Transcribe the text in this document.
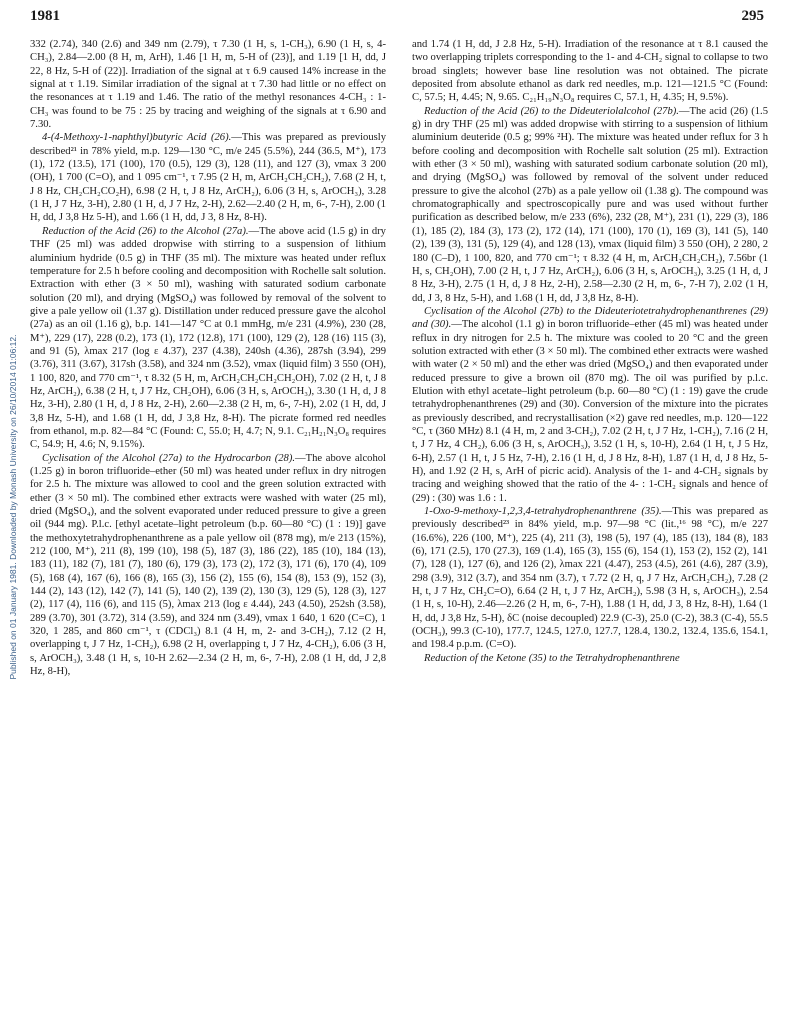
1981	295
Published on 01 January 1981. Downloaded by Monash University on 26/10/2014 01:06:12.

332 (2.74), 340 (2.6) and 349 nm (2.79), τ 7.30 (1 H, s, 1-CH₃), 6.90 (1 H, s, 4-CH₃), 2.84—2.00 (8 H, m, ArH), 1.46 [1 H, m, 5-H of (23)], and 1.19 [1 H, dd, J 22, 8 Hz, 5-H of (22)]. Irradiation of the signal at τ 6.9 caused 14% increase in the signal at τ 1.19. Similar irradiation of the signal at τ 7.30 had little or no effect on the resonances at τ 1.19 and 1.46. The ratio of the methyl resonances 4-CH₃ : 1-CH₃ was found to be 75 : 25 by tracing and weighing of the signals at τ 6.90 and 7.30.

4-(4-Methoxy-1-naphthyl)butyric Acid (26).—This was prepared as previously described²¹ in 78% yield, m.p. 129—130 °C, m/e 245 (5.5%), 244 (36.5, M⁺), 173 (1), 172 (13.5), 171 (100), 170 (0.5), 129 (3), 128 (11), and 127 (3), νmax 3 200 (OH), 1 700 (C=O), and 1 095 cm⁻¹, τ 7.95 (2 H, m, ArCH₂CH₂CH₂), 7.68 (2 H, t, J 8 Hz, CH₂CH₂CO₂H), 6.98 (2 H, t, J 8 Hz, ArCH₂), 6.06 (3 H, s, ArOCH₃), 3.28 (1 H, J 7 Hz, 3-H), 2.80 (1 H, d, J 7 Hz, 2-H), 2.62—2.40 (2 H, m, 6-, 7-H), 2.00 (1 H, dd, J 3,8 Hz 5-H), and 1.66 (1 H, dd, J 3, 8 Hz, 8-H).

Reduction of the Acid (26) to the Alcohol (27a).—The above acid (1.5 g) in dry THF (25 ml) was added dropwise with stirring to a suspension of lithium aluminium hydride (0.5 g) in THF (35 ml). The mixture was heated under reflux temperature for 2.5 h before cooling and decomposition with Rochelle salt solution. Extraction with ether (3 × 50 ml), washing with saturated sodium carbonate solution (20 ml), and drying (MgSO₄) was followed by removal of the solvent to give a pale yellow oil (1.37 g). Distillation under reduced pressure gave the alcohol (27a) as an oil (1.16 g), b.p. 141—147 °C at 0.1 mmHg, m/e 231 (4.9%), 230 (28, M⁺), 229 (17), 228 (0.2), 173 (1), 172 (12.8), 171 (100), 129 (2), 128 (16) 115 (3), and 91 (5), λmax 217 (log ε 4.37), 237 (4.38), 240sh (4.36), 287sh (3.94), 299 (3.76), 311 (3.67), 317sh (3.58), and 324 nm (3.52), νmax (liquid film) 3 550 (OH), 1 100, 820, and 770 cm⁻¹, τ 8.32 (5 H, m, ArCH₂CH₂CH₂CH₂OH), 7.02 (2 H, t, J 8 Hz, ArCH₂), 6.38 (2 H, t, J 7 Hz, CH₂OH), 6.06 (3 H, s, ArOCH₃), 3.30 (1 H, d, J 8 Hz, 3-H), 2.80 (1 H, d, J 8 Hz, 2-H), 2.60—2.38 (2 H, m, 6-, 7-H), 2.02 (1 H, dd, J 3,8 Hz, 5-H), and 1.68 (1 H, dd, J 3,8 Hz, 8-H). The picrate formed red needles from ethanol, m.p. 82—84 °C (Found: C, 55.0; H, 4.7; N, 9.1. C₂₁H₂₁N₃O₈ requires C, 54.9; H, 4.6; N, 9.15%).

Cyclisation of the Alcohol (27a) to the Hydrocarbon (28).—The above alcohol (1.25 g) in boron trifluoride–ether (50 ml) was heated under reflux in dry nitrogen for 2.5 h. The mixture was allowed to cool and the green solution extracted with ether (3 × 50 ml). The combined ether extracts were washed with water (25 ml), dried (MgSO₄), and the solvent evaporated under reduced pressure to give a green oil (944 mg). P.l.c. [ethyl acetate–light petroleum (b.p. 60—80 °C) (1 : 19)] gave the methoxytetrahydrophenanthrene as a pale yellow oil (878 mg), m/e 213 (15%), 212 (100, M⁺), 211 (8), 199 (10), 198 (5), 187 (3), 186 (22), 185 (10), 184 (13), 183 (11), 182 (7), 181 (7), 180 (6), 179 (3), 173 (2), 172 (3), 171 (6), 170 (4), 109 (5), 168 (4), 167 (6), 166 (8), 165 (3), 156 (2), 155 (6), 154 (8), 153 (9), 152 (3), 144 (2), 143 (12), 142 (7), 141 (5), 140 (2), 139 (2), 130 (3), 129 (5), 128 (3), 127 (2), 117 (4), 116 (6), and 115 (5), λmax 213 (log ε 4.44), 243 (4.50), 252sh (3.58), 289 (3.70), 301 (3.72), 314 (3.59), and 324 nm (3.49), νmax 1 640, 1 620 (C=C), 1 320, 1 285, and 860 cm⁻¹, τ (CDCl₃) 8.1 (4 H, m, 2- and 3-CH₂), 7.12 (2 H, overlapping t, J 7 Hz, 1-CH₂), 6.98 (2 H, overlapping t, J 7 Hz, 4-CH₂), 6.06 (3 H, s, ArOCH₃), 3.48 (1 H, s, 10-H 2.62—2.34 (2 H, m, 6-, 7-H), 2.08 (1 H, dd, J 2,8 Hz, 8-H),

and 1.74 (1 H, dd, J 2.8 Hz, 5-H). Irradiation of the resonance at τ 8.1 caused the two overlapping triplets corresponding to the 1- and 4-CH₂ signal to collapse to two broad singlets; however base line resolution was not obtained. The picrate deposited from absolute ethanol as dark red needles, m.p. 121—121.5 °C (Found: C, 57.5; H, 4.45; N, 9.65. C₂₁H₁₉N₃O₈ requires C, 57.1, H, 4.35; H, 9.5%).

Reduction of the Acid (26) to the Dideuteriolalcohol (27b).—The acid (26) (1.5 g) in dry THF (25 ml) was added dropwise with stirring to a suspension of lithium aluminium deuteride (0.5 g; 99% ²H). The mixture was heated under reflux for 3 h before cooling and decomposition with Rochelle salt solution (25 ml). Extraction with ether (3 × 50 ml), washing with saturated sodium carbonate solution (20 ml), and drying (MgSO₄) was followed by removal of the solvent under reduced pressure to give the alcohol (27b) as a pale yellow oil (1.38 g). The compound was chromatographically and spectroscopically pure and was used without further purification as described below, m/e 233 (6%), 232 (28, M⁺), 231 (1), 229 (3), 186 (1), 185 (2), 184 (3), 173 (2), 172 (14), 171 (100), 170 (1), 169 (3), 141 (5), 140 (2), 139 (3), 131 (5), 129 (4), and 128 (13), νmax (liquid film) 3 550 (OH), 2 280, 2 180 (C–D), 1 100, 820, and 770 cm⁻¹; τ 8.32 (4 H, m, ArCH₂CH₂CH₂), 7.56br (1 H, s, CH₂OH), 7.00 (2 H, t, J 7 Hz, ArCH₂), 6.06 (3 H, s, ArOCH₃), 3.25 (1 H, d, J 8 Hz, 3-H), 2.75 (1 H, d, J 8 Hz, 2-H), 2.58—2.30 (2 H, m, 6-, 7-H 7), 2.02 (1 H, dd, J 3, 8 Hz, 5-H), and 1.68 (1 H, dd, J 3,8 Hz, 8-H).

Cyclisation of the Alcohol (27b) to the Dideuteriotetrahydrophenanthrenes (29) and (30).—The alcohol (1.1 g) in boron trifluoride–ether (45 ml) was heated under reflux in dry nitrogen for 2.5 h. The mixture was cooled to 20 °C and the green solution extracted with ether (3 × 50 ml). The combined ether extracts were washed with water (2 × 50 ml) and the ether was dried (MgSO₄) and then evaporated under reduced pressure to give a brown oil (870 mg). The oil was purified by p.l.c. Elution with ethyl acetate–light petroleum (b.p. 60—80 °C) (1 : 19) gave the crude tetrahydrophenanthrenes (29) and (30). Conversion of the mixture into the picrates as previously described, and recrystallisation (×2) gave red needles, m.p. 120—122 °C, τ (360 MHz) 8.1 (4 H, m, 2 and 3-CH₂), 7.02 (2 H, t, J 7 Hz, 1-CH₂), 7.16 (2 H, t, J 7 Hz, 4 CH₂), 6.06 (3 H, s, ArOCH₃), 3.52 (1 H, s, 10-H), 2.64 (1 H, t, J 5 Hz, 6-H), 2.57 (1 H, t, J 5 Hz, 7-H), 2.16 (1 H, d, J 8 Hz, 8-H), 1.87 (1 H, d, J 8 Hz, 5-H), and 1.92 (2 H, s, ArH of picric acid). Analysis of the 1- and 4-CH₂ signals by tracing and weighing showed that the ratio of the 4- : 1-CH₂ signals and hence of (29) : (30) was 1.6 : 1.

1-Oxo-9-methoxy-1,2,3,4-tetrahydrophenanthrene (35).—This was prepared as previously described²³ in 84% yield, m.p. 97—98 °C (lit.,¹⁶ 98 °C), m/e 227 (16.6%), 226 (100, M⁺), 225 (4), 211 (3), 198 (5), 197 (4), 185 (13), 184 (8), 183 (6), 171 (2.5), 170 (27.3), 169 (1.4), 165 (3), 155 (6), 154 (1), 153 (2), 152 (2), 141 (7), 128 (1), 127 (6), and 126 (2), λmax 221 (4.47), 253 (4.5), 261 (4.6), 287 (3.9), 298 (3.9), 312 (3.7), and 354 nm (3.7), τ 7.72 (2 H, q, J 7 Hz, ArCH₂CH₂), 7.28 (2 H, t, J 7 Hz, CH₂C=O), 6.64 (2 H, t, J 7 Hz, ArCH₂), 5.98 (3 H, s, ArOCH₃), 2.54 (1 H, s, 10-H), 2.46—2.26 (2 H, m, 6-, 7-H), 1.88 (1 H, dd, J 3, 8 Hz, 8-H), 1.64 (1 H, dd, J 3,8 Hz, 5-H), δC (noise decoupled) 22.9 (C-3), 25.0 (C-2), 38.3 (C-4), 55.5 (OCH₃), 99.3 (C-10), 177.7, 124.5, 127.0, 127.7, 128.4, 130.2, 132.4, 135.6, 154.1, and 198.4 p.p.m. (C=O).

Reduction of the Ketone (35) to the Tetrahydrophenanthrene
